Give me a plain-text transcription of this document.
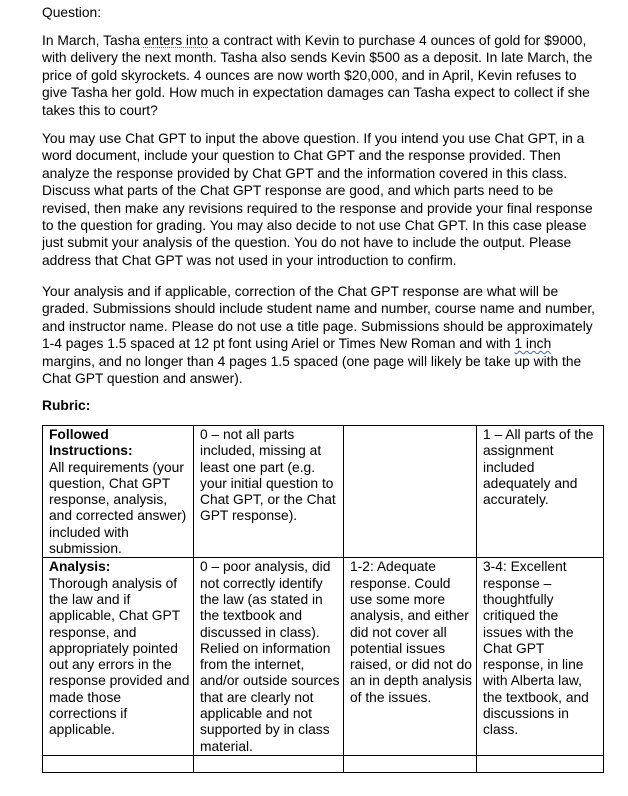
Question:

In March, Tasha enters into a contract with Kevin to purchase 4 ounces of gold for $9000, with delivery the next month. Tasha also sends Kevin $500 as a deposit. In late March, the price of gold skyrockets. 4 ounces are now worth $20,000, and in April, Kevin refuses to give Tasha her gold. How much in expectation damages can Tasha expect to collect if she takes this to court?

You may use Chat GPT to input the above question. If you intend you use Chat GPT, in a word document, include your question to Chat GPT and the response provided. Then analyze the response provided by Chat GPT and the information covered in this class. Discuss what parts of the Chat GPT response are good, and which parts need to be revised, then make any revisions required to the response and provide your final response to the question for grading. You may also decide to not use Chat GPT. In this case please just submit your analysis of the question. You do not have to include the output. Please address that Chat GPT was not used in your introduction to confirm.

Your analysis and if applicable, correction of the Chat GPT response are what will be graded. Submissions should include student name and number, course name and number, and instructor name. Please do not use a title page. Submissions should be approximately 1-4 pages 1.5 spaced at 12 pt font using Ariel or Times New Roman and with 1 inch margins, and no longer than 4 pages 1.5 spaced (one page will likely be take up with the Chat GPT question and answer).

Rubric:
Followed Instructions:
All requirements (your question, Chat GPT response, analysis, and corrected answer) included with submission.	0 – not all parts included, missing at least one part (e.g. your initial question to Chat GPT, or the Chat GPT response).		1 – All parts of the assignment included adequately and accurately.

Analysis:
Thorough analysis of the law and if applicable, Chat GPT response, and appropriately pointed out any errors in the response provided and made those corrections if applicable.	0 – poor analysis, did not correctly identify the law (as stated in the textbook and discussed in class). Relied on information from the internet, and/or outside sources that are clearly not applicable and not supported by in class material.	1-2: Adequate response. Could use some more analysis, and either did not cover all potential issues raised, or did not do an in depth analysis of the issues.	3-4: Excellent response – thoughtfully critiqued the issues with the Chat GPT response, in line with Alberta law, the textbook, and discussions in class.
